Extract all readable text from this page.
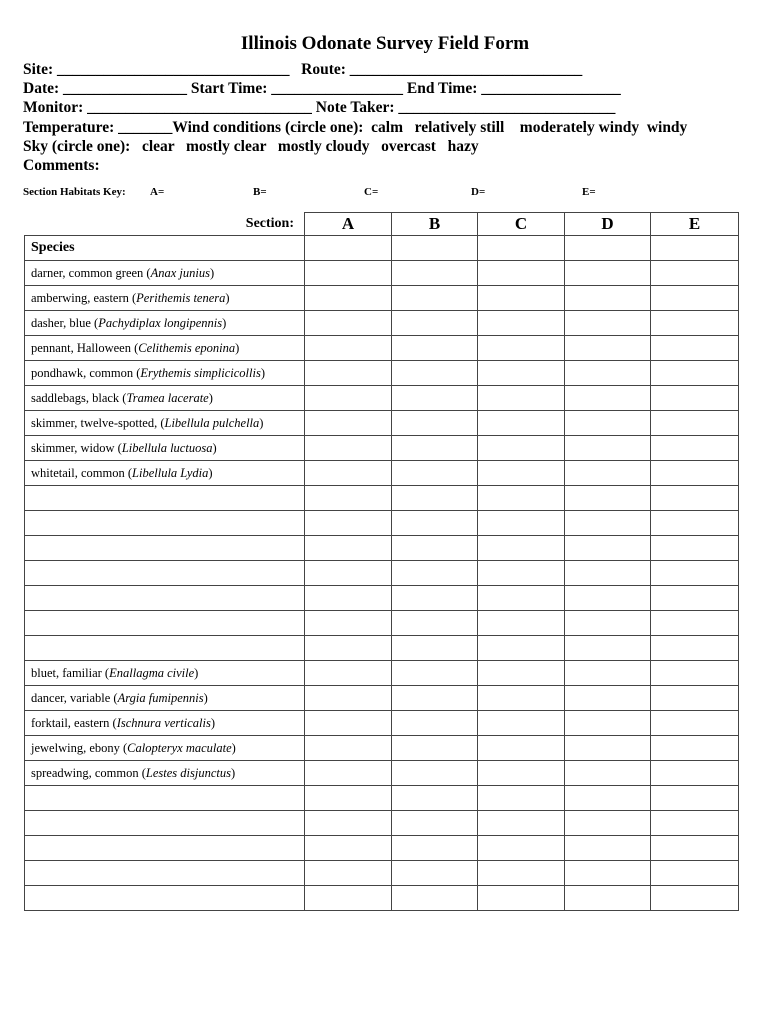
Illinois Odonate Survey Field Form
Site: ______________________________   Route: ______________________________
Date: ________________ Start Time: _________________ End Time: __________________
Monitor: _____________________________ Note Taker: ____________________________
Temperature: _______Wind conditions (circle one):  calm   relatively still    moderately windy  windy
Sky (circle one):   clear   mostly clear   mostly cloudy   overcast   hazy
Comments:
Section Habitats Key: A=	B=	C=	D=	E=
Section:	A	B	C	D	E
Species					
darner, common green (Anax junius)					
amberwing, eastern (Perithemis tenera)					
dasher, blue (Pachydiplax longipennis)					
pennant, Halloween (Celithemis eponina)					
pondhawk, common (Erythemis simplicicollis)					
saddlebags, black (Tramea lacerate)					
skimmer, twelve-spotted, (Libellula pulchella)					
skimmer, widow (Libellula luctuosa)					
whitetail, common (Libellula Lydia)					

bluet, familiar (Enallagma civile)					
dancer, variable (Argia fumipennis)					
forktail, eastern (Ischnura verticalis)					
jewelwing, ebony (Calopteryx maculate)					
spreadwing, common (Lestes disjunctus)					
